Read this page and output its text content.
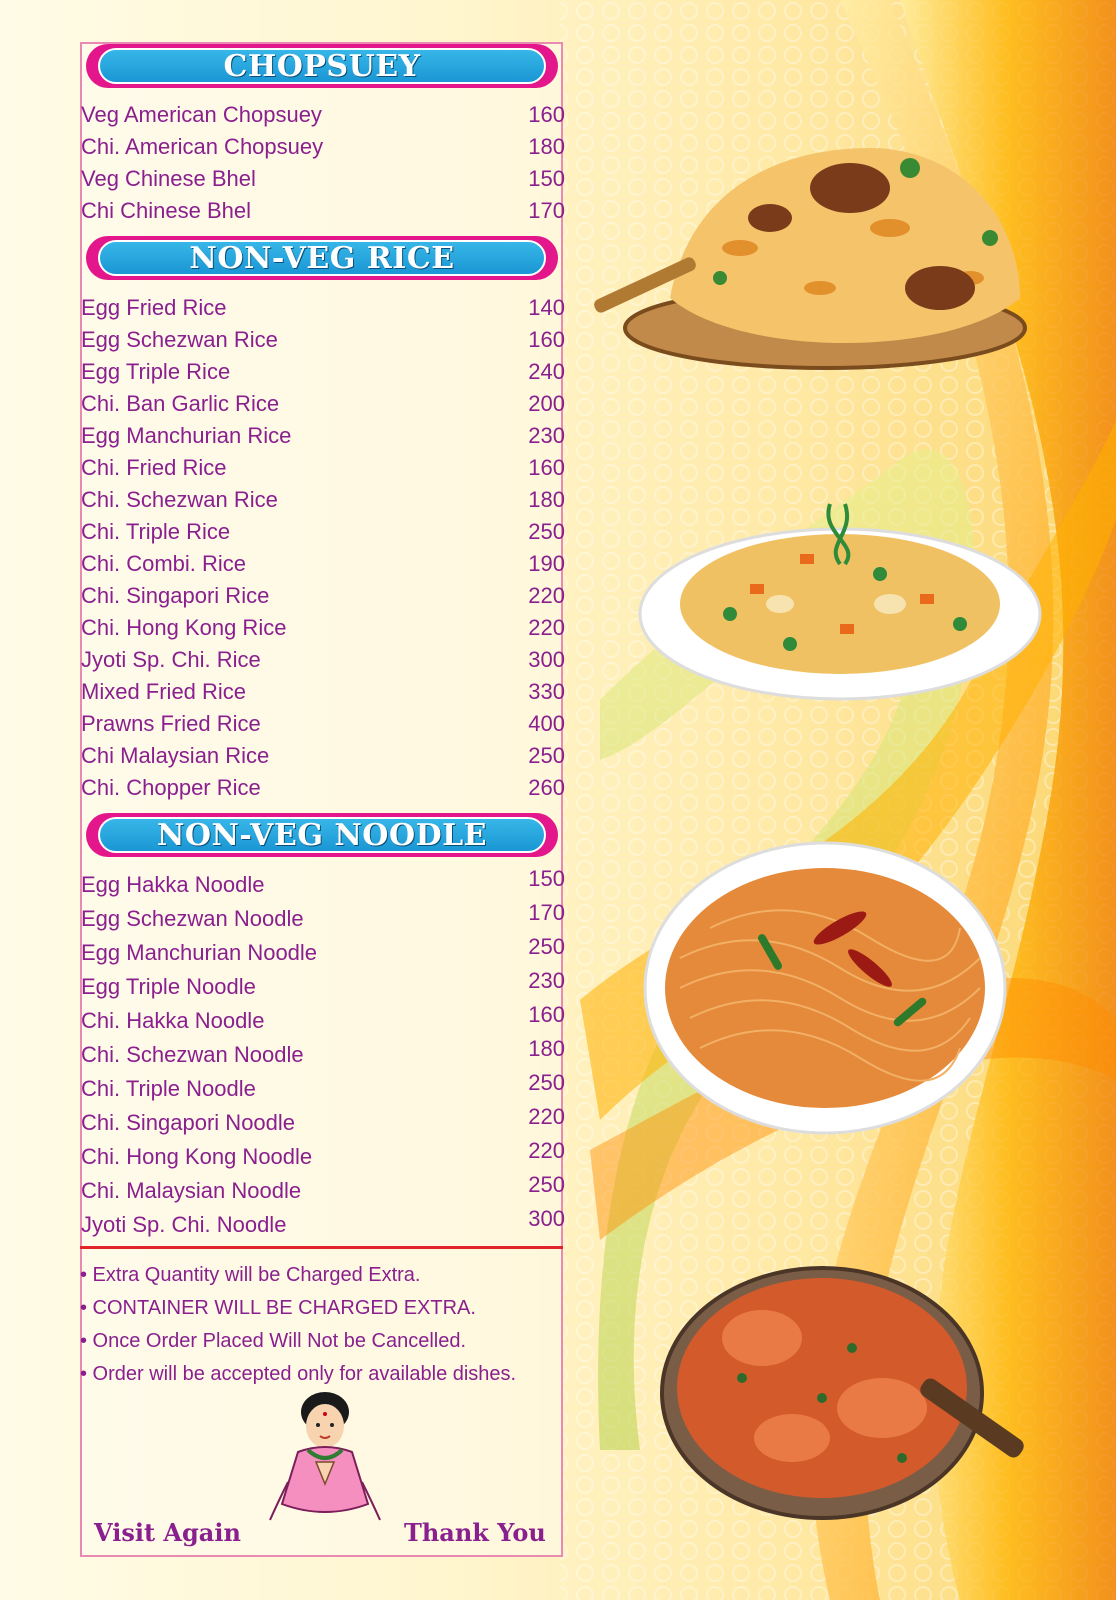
CHOPSUEY
Veg American Chopsuey	160
Chi. American Chopsuey	180
Veg Chinese Bhel	150
Chi Chinese Bhel	170
NON-VEG RICE
Egg Fried Rice	140
Egg Schezwan Rice	160
Egg Triple Rice	240
Chi. Ban Garlic Rice	200
Egg Manchurian Rice	230
Chi. Fried Rice	160
Chi. Schezwan Rice	180
Chi. Triple Rice	250
Chi. Combi. Rice	190
Chi. Singapori Rice	220
Chi. Hong Kong Rice	220
Jyoti Sp. Chi. Rice	300
Mixed Fried Rice	330
Prawns Fried Rice	400
Chi Malaysian Rice	250
Chi. Chopper Rice	260
NON-VEG NOODLE
Egg Hakka Noodle	150
Egg Schezwan Noodle	170
Egg Manchurian Noodle	250
Egg Triple Noodle	230
Chi. Hakka Noodle	160
Chi. Schezwan Noodle	180
Chi. Triple Noodle	250
Chi. Singapori Noodle	220
Chi. Hong Kong Noodle	220
Chi. Malaysian Noodle	250
Jyoti Sp. Chi. Noodle	300
• Extra Quantity will be Charged Extra.
• CONTAINER WILL BE CHARGED EXTRA.
• Once Order Placed Will Not be Cancelled.
• Order will be accepted only for available dishes.
Visit Again	Thank You
